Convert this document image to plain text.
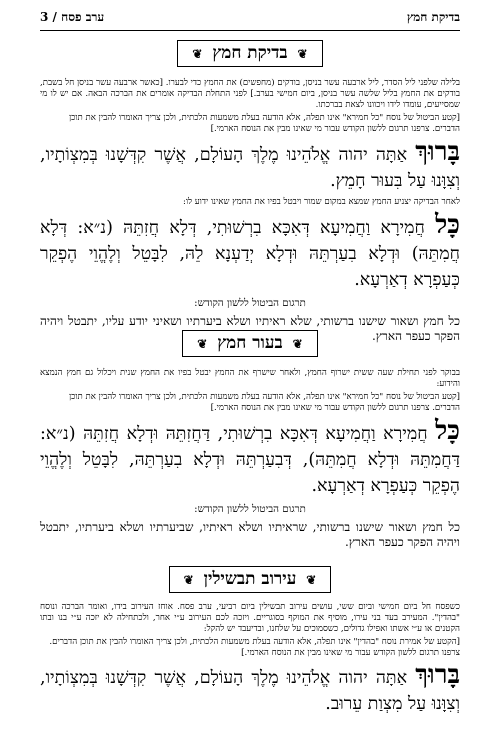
בדיקת חמץ
ערב פסח / 3
❦ בדיקת חמץ ❦
בלילה שלפני ליל הסדר, ליל ארבעה עשר בניסן, בודקים (מחפשים) את החמץ כדי לבערו. [כאשר ארבעה עשר בניסן חל בשבת, בודקים את החמץ בליל שלשה עשר בניסן, ביום חמישי בערב.] לפני התחלת הבדיקה אומרים את הברכה הבאה. אם יש לו מי שמסייעים, עומדו לידו ויכוונו לצאת בברכתו.
[קטע הביטול של נוסח "כל חמירא" אינו תפלה, אלא הודעה בעלת משמעות הלכתית, ולכן צריך האומרו להבין את תוכן הדברים. צרפנו תרגום ללשון הקודש עבור מי שאינו מבין את הנוסח הארמי.]
בָּרוּךְ אַתָּה יהוה אֱלֹהֵינוּ מֶלֶךְ הָעוֹלָם, אֲשֶׁר קִדְּשָׁנוּ בְּמִצְוֹתָיו, וְצִוָּנוּ עַל בִּעוּר חָמֵץ.
לאחר הבדיקה יצניע החמץ שמצא במקום שמור ויבטל בפיו את החמץ שאינו ידוע לו:
כָּל חֲמִירָא וַחֲמִיעָא דְּאִכָּא בִרְשׁוּתִי, דְּלָא חֲזִתֵּהּ (נ״א: דְּלָא חֲמִתֵּהּ) וּדְלָא בִעַרְתֵּהּ וּדְלָא יְדַעְנָא לֵהּ, לִבָּטֵל וְלֶהֱוֵי הֶפְקֵר כְּעַפְרָא דְאַרְעָא.
תרגום הביטול ללשון הקודש:
כל חמץ ושאור שישנו ברשותי, שלא ראיתיו ושלא ביערתיו ושאיני יודע עליו, יתבטל ויהיה הפקר כעפר הארץ.
❦ בעור חמץ ❦
בבוקר לפני תחילת שעה ששית ישרוף החמץ, ולאחר שישרף את החמץ יבטל בפיו את החמץ שנית ויכלול גם חמץ הנמצא והידוע:
[קטע הביטול של נוסח "כל חמירא" אינו תפלה, אלא הודעה בעלת משמעות הלכתית, ולכן צריך האומרו להבין את תוכן הדברים. צרפנו תרגום ללשון הקודש עבור מי שאינו מבין את הנוסח הארמי.]
כָּל חֲמִירָא וַחֲמִיעָא דְּאִכָּא בִרְשׁוּתִי, דַּחֲזִתֵּהּ וּדְלָא חֲזִתֵּהּ (נ״א: דַּחֲמִתֵּהּ וּדְלָא חֲמִתֵּהּ), דְּבִעַרְתֵּהּ וּדְלָא בִעַרְתֵּהּ, לִבָּטֵל וְלֶהֱוֵי הֶפְקֵר כְּעַפְרָא דְאַרְעָא.
תרגום הביטול ללשון הקודש:
כל חמץ ושאור שישנו ברשותי, שראיתיו ושלא ראיתיו, שביערתיו ושלא ביערתיו, יתבטל ויהיה הפקר כעפר הארץ.
❦ עירוב תבשילין ❦
כשפסח חל ביום חמישי וביום ששי, עושים עירוב תבשילין ביום רביעי, ערב פסח. אוחז העירוב בידו, ואומר הברכה ונוסח "בהדין". המעירב בעד בני עירו, מוסיף את המוקף בסוגריים. ויזכה לכם העירוב ע״י אחר, ולכתחילה לא יזכה ע״י בנו ובתו הקטנים או ע״י אשתו ואפילו גדולים, כשסמוכים על שלחנו, ובדיעבד יש להקל:
[הקטע של אמירת נוסח "בהדין" אינו תפלה, אלא הודעה בעלת משמעות הלכתית, ולכן צריך האומרו להבין את תוכן הדברים. צרפנו תרגום ללשון הקודש עבור מי שאינו מבין את הנוסח הארמי.]
בָּרוּךְ אַתָּה יהוה אֱלֹהֵינוּ מֶלֶךְ הָעוֹלָם, אֲשֶׁר קִדְּשָׁנוּ בְּמִצְוֹתָיו, וְצִוָּנוּ עַל מִצְוַת עֵרוּב.
